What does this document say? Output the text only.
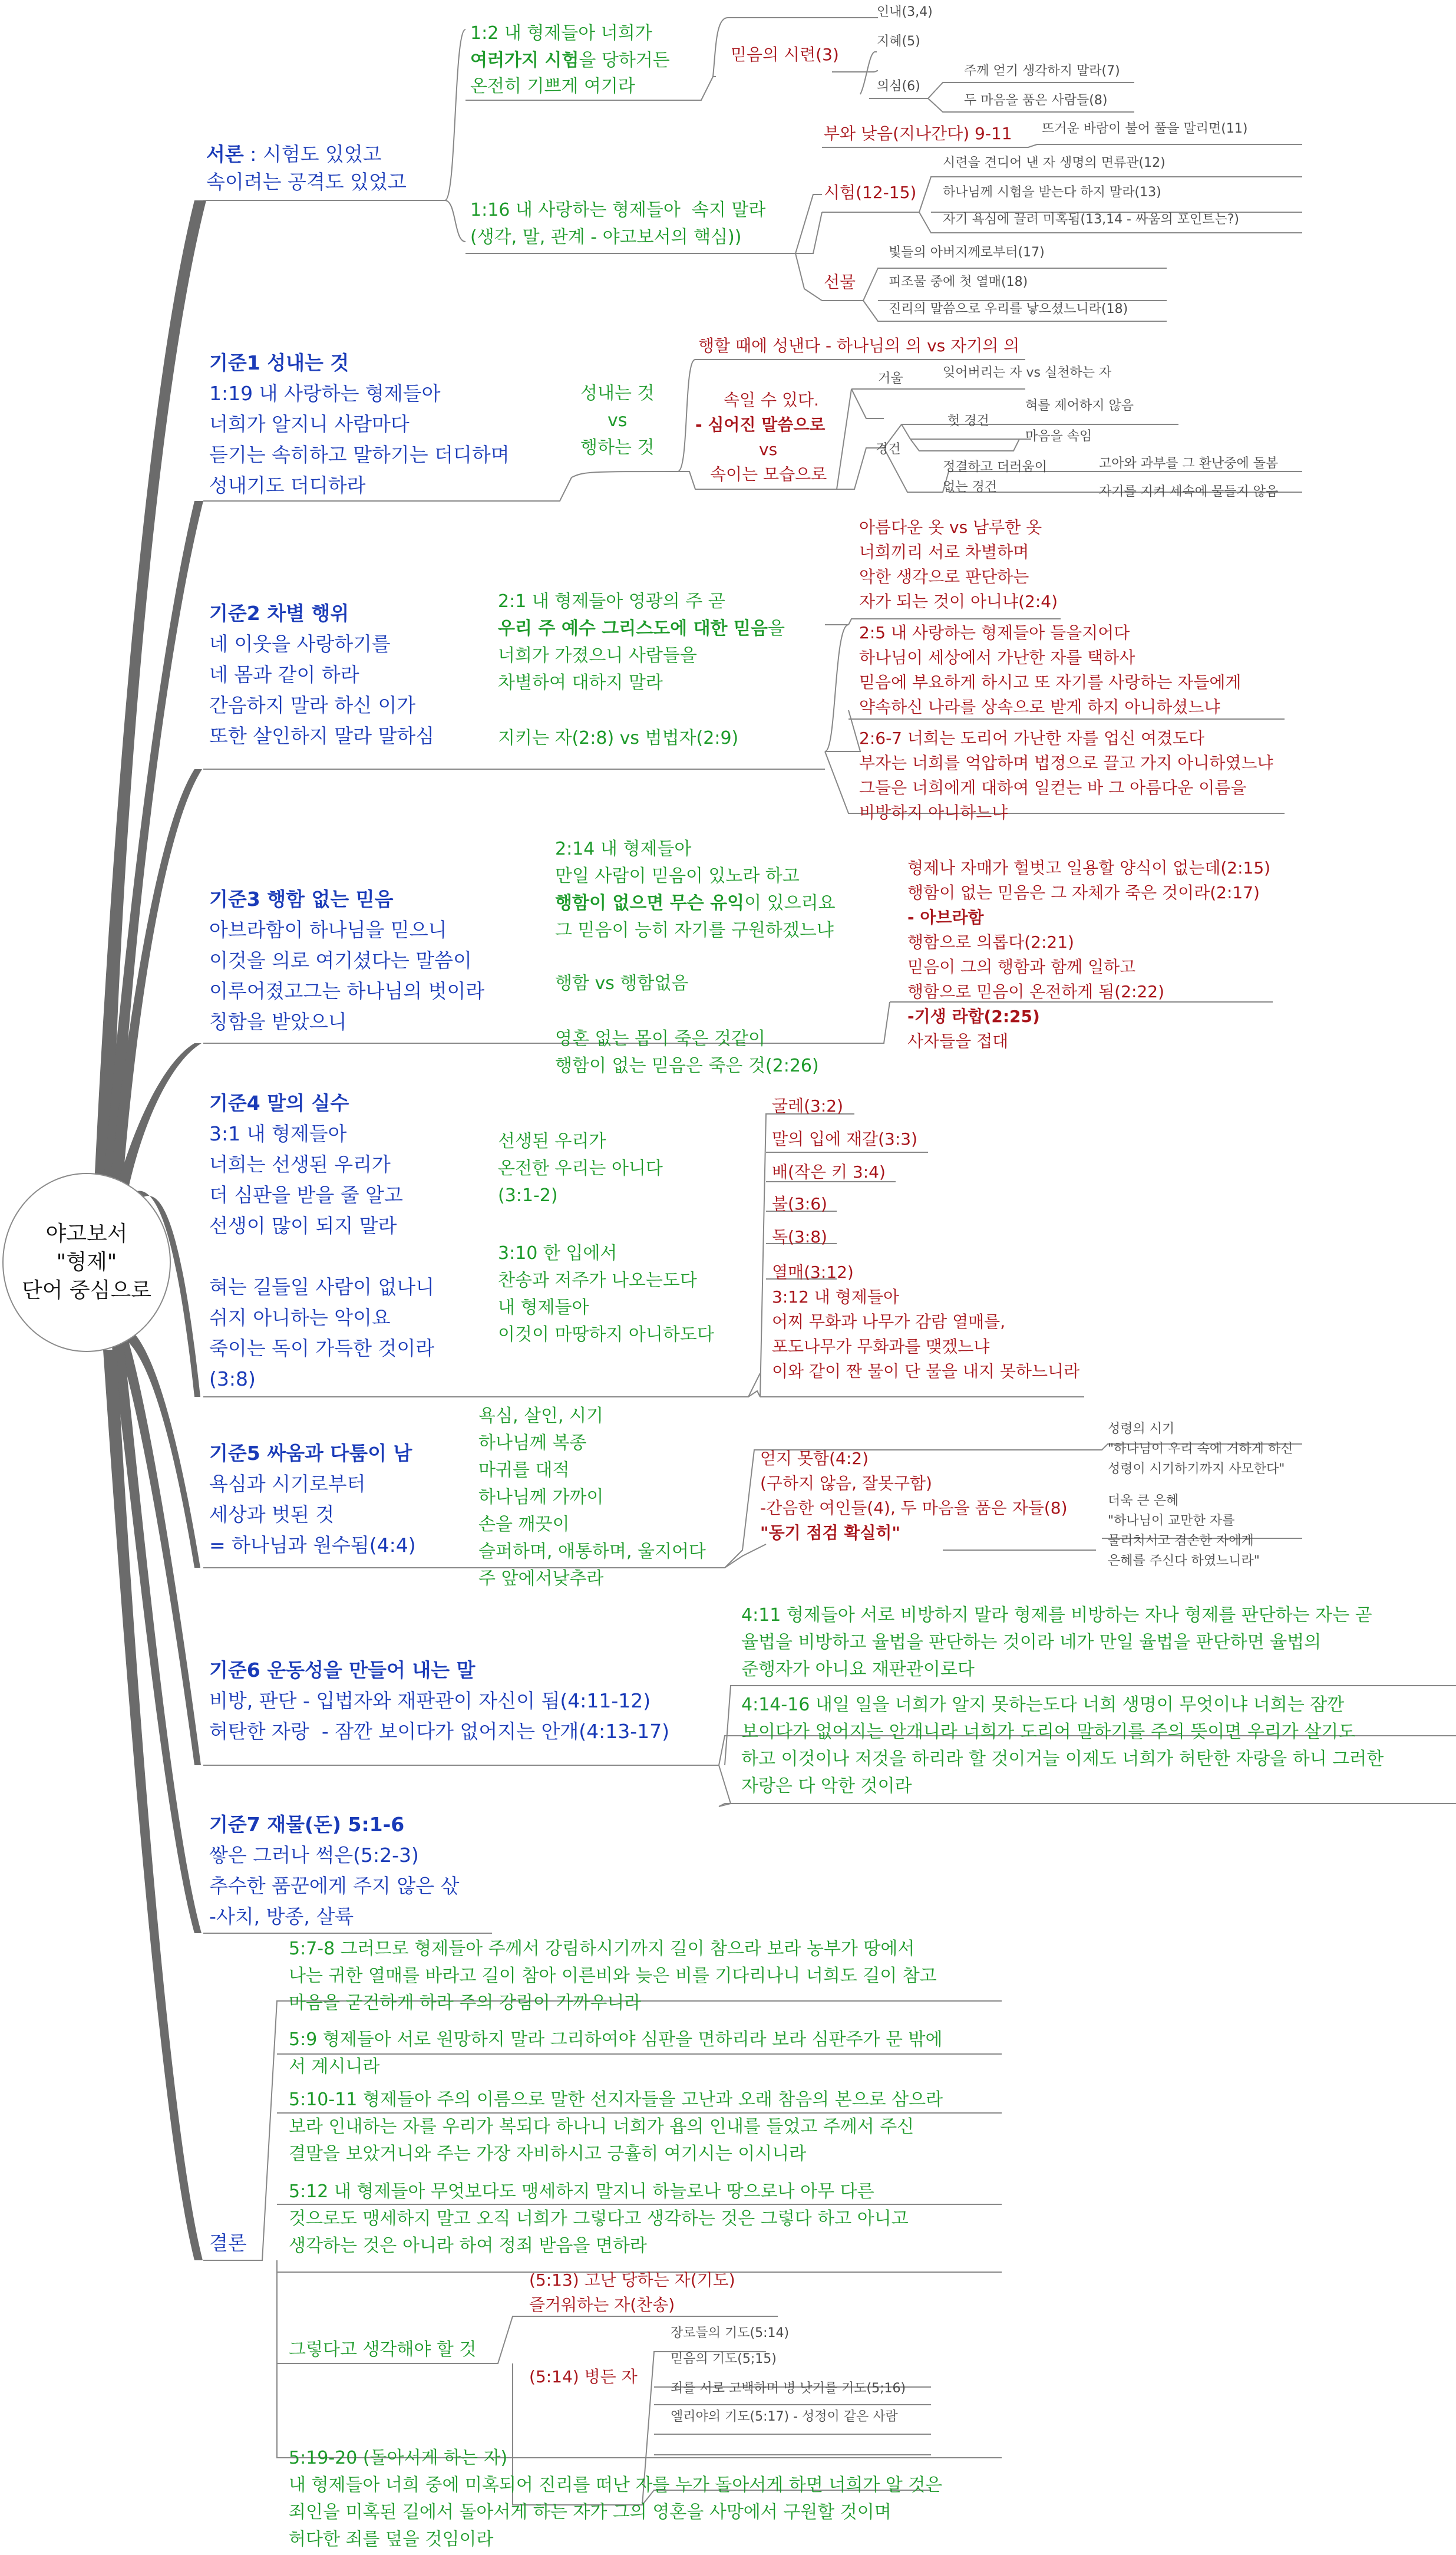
야고보서
"형제"
단어 중심으로
서론 : 시험도 있었고
속이려는 공격도 있었고
1:2 내 형제들아 너희가
여러가지 시험을 당하거든
온전히 기쁘게 여기라
믿음의 시련(3)
인내(3,4)
지혜(5)
의심(6)
주께 얻기 생각하지 말라(7)
두 마음을 품은 사람들(8)
1:16 내 사랑하는 형제들아  속지 말라
(생각, 말, 관계 - 야고보서의 핵심))
부와 낮음(지나간다) 9-11 뜨거운 바람이 불어 풀을 말리면(11)
시험(12-15)
시련을 견디어 낸 자 생명의 면류관(12)
하나님께 시험을 받는다 하지 말라(13)
자기 욕심에 끌려 미혹됨(13,14 - 싸움의 포인트는?)
선물
빛들의 아버지께로부터(17)
피조물 중에 첫 열매(18)
진리의 말씀으로 우리를 낳으셨느니라(18)
기준1 성내는 것
1:19 내 사랑하는 형제들아
너희가 알지니 사람마다
듣기는 속히하고 말하기는 더디하며
성내기도 더디하라
성내는 것
vs
행하는 것
행할 때에 성낸다 - 하나님의 의 vs 자기의 의
속일 수 있다.
- 심어진 말씀으로
vs
속이는 모습으로
거울	잊어버리는 자 vs 실천하는 자
경건
헛 경건
혀를 제어하지 않음
마음을 속임
정결하고 더러움이
없는 경건
고아와 과부를 그 환난중에 돌봄
자기를 지켜 세속에 물들지 않음
기준2 차별 행위
네 이웃을 사랑하기를
네 몸과 같이 하라
간음하지 말라 하신 이가
또한 살인하지 말라 말하심
2:1 내 형제들아 영광의 주 곧
우리 주 예수 그리스도에 대한 믿음을
너희가 가졌으니 사람들을
차별하여 대하지 말라
지키는 자(2:8) vs 범법자(2:9)
아름다운 옷 vs 남루한 옷
너희끼리 서로 차별하며
악한 생각으로 판단하는
자가 되는 것이 아니냐(2:4)
2:5 내 사랑하는 형제들아 들을지어다
하나님이 세상에서 가난한 자를 택하사
믿음에 부요하게 하시고 또 자기를 사랑하는 자들에게
약속하신 나라를 상속으로 받게 하지 아니하셨느냐
2:6-7 너희는 도리어 가난한 자를 업신 여겼도다
부자는 너희를 억압하며 법정으로 끌고 가지 아니하였느냐
그들은 너희에게 대하여 일컫는 바 그 아름다운 이름을
비방하지 아니하느냐
기준3 행함 없는 믿음
아브라함이 하나님을 믿으니
이것을 의로 여기셨다는 말씀이
이루어졌고그는 하나님의 벗이라
칭함을 받았으니
2:14 내 형제들아
만일 사람이 믿음이 있노라 하고
행함이 없으면 무슨 유익이 있으리요
그 믿음이 능히 자기를 구원하겠느냐
행함 vs 행함없음
영혼 없는 몸이 죽은 것같이
행함이 없는 믿음은 죽은 것(2:26)
형제나 자매가 헐벗고 일용할 양식이 없는데(2:15)
행함이 없는 믿음은 그 자체가 죽은 것이라(2:17)
- 아브라함
행함으로 의롭다(2:21)
믿음이 그의 행함과 함께 일하고
행함으로 믿음이 온전하게 됨(2:22)
-기생 라합(2:25)
사자들을 접대
기준4 말의 실수
3:1 내 형제들아
너희는 선생된 우리가
더 심판을 받을 줄 알고
선생이 많이 되지 말라

혀는 길들일 사람이 없나니
쉬지 아니하는 악이요
죽이는 독이 가득한 것이라
(3:8)
선생된 우리가
온전한 우리는 아니다
(3:1-2)
3:10 한 입에서
찬송과 저주가 나오는도다
내 형제들아
이것이 마땅하지 아니하도다
굴레(3:2)
말의 입에 재갈(3:3)
배(작은 키 3:4)
불(3:6)
독(3:8)
열매(3:12)
3:12 내 형제들아
어찌 무화과 나무가 감람 열매를,
포도나무가 무화과를 맺겠느냐
이와 같이 짠 물이 단 물을 내지 못하느니라
기준5 싸움과 다툼이 남
욕심과 시기로부터
세상과 벗된 것
= 하나님과 원수됨(4:4)
욕심, 살인, 시기
하나님께 복종
마귀를 대적
하나님께 가까이
손을 깨끗이
슬퍼하며, 애통하며, 울지어다
주 앞에서낮추라
얻지 못함(4:2)
(구하지 않음, 잘못구함)
-간음한 여인들(4), 두 마음을 품은 자들(8)
"동기 점검 확실히"
성령의 시기
"하나님이 우리 속에 거하게 하신
성령이 시기하기까지 사모한다"
더욱 큰 은혜
"하나님이 교만한 자를
물리치시고 겸손한 자에게
은혜를 주신다 하였느니라"
기준6 운동성을 만들어 내는 말
비방, 판단 - 입법자와 재판관이 자신이 됨(4:11-12)
허탄한 자랑  - 잠깐 보이다가 없어지는 안개(4:13-17)
4:11 형제들아 서로 비방하지 말라 형제를 비방하는 자나 형제를 판단하는 자는 곧
율법을 비방하고 율법을 판단하는 것이라 네가 만일 율법을 판단하면 율법의
준행자가 아니요 재판관이로다
4:14-16 내일 일을 너희가 알지 못하는도다 너희 생명이 무엇이냐 너희는 잠깐
보이다가 없어지는 안개니라 너희가 도리어 말하기를 주의 뜻이면 우리가 살기도
하고 이것이나 저것을 하리라 할 것이거늘 이제도 너희가 허탄한 자랑을 하니 그러한
자랑은 다 악한 것이라
기준7 재물(돈) 5:1-6
쌓은 그러나 썩은(5:2-3)
추수한 품꾼에게 주지 않은 삯
-사치, 방종, 살륙
결론
5:7-8 그러므로 형제들아 주께서 강림하시기까지 길이 참으라 보라 농부가 땅에서
나는 귀한 열매를 바라고 길이 참아 이른비와 늦은 비를 기다리나니 너희도 길이 참고
마음을 굳건하게 하라 주의 강림이 가까우니라
5:9 형제들아 서로 원망하지 말라 그리하여야 심판을 면하리라 보라 심판주가 문 밖에
서 계시니라
5:10-11 형제들아 주의 이름으로 말한 선지자들을 고난과 오래 참음의 본으로 삼으라
보라 인내하는 자를 우리가 복되다 하나니 너희가 욥의 인내를 들었고 주께서 주신
결말을 보았거니와 주는 가장 자비하시고 긍휼히 여기시는 이시니라
5:12 내 형제들아 무엇보다도 맹세하지 말지니 하늘로나 땅으로나 아무 다른
것으로도 맹세하지 말고 오직 너희가 그렇다고 생각하는 것은 그렇다 하고 아니고
생각하는 것은 아니라 하여 정죄 받음을 면하라
그렇다고 생각해야 할 것
(5:13) 고난 당하는 자(기도)
즐거워하는 자(찬송)
(5:14) 병든 자
장로들의 기도(5:14)
믿음의 기도(5;15)
죄를 서로 고백하며 병 낫기를 기도(5;16)
엘리야의 기도(5:17) - 성정이 같은 사람
5:19-20 (돌아서게 하는 자)
내 형제들아 너희 중에 미혹되어 진리를 떠난 자를 누가 돌아서게 하면 너희가 알 것은
죄인을 미혹된 길에서 돌아서게 하는 자가 그의 영혼을 사망에서 구원할 것이며
허다한 죄를 덮을 것임이라
